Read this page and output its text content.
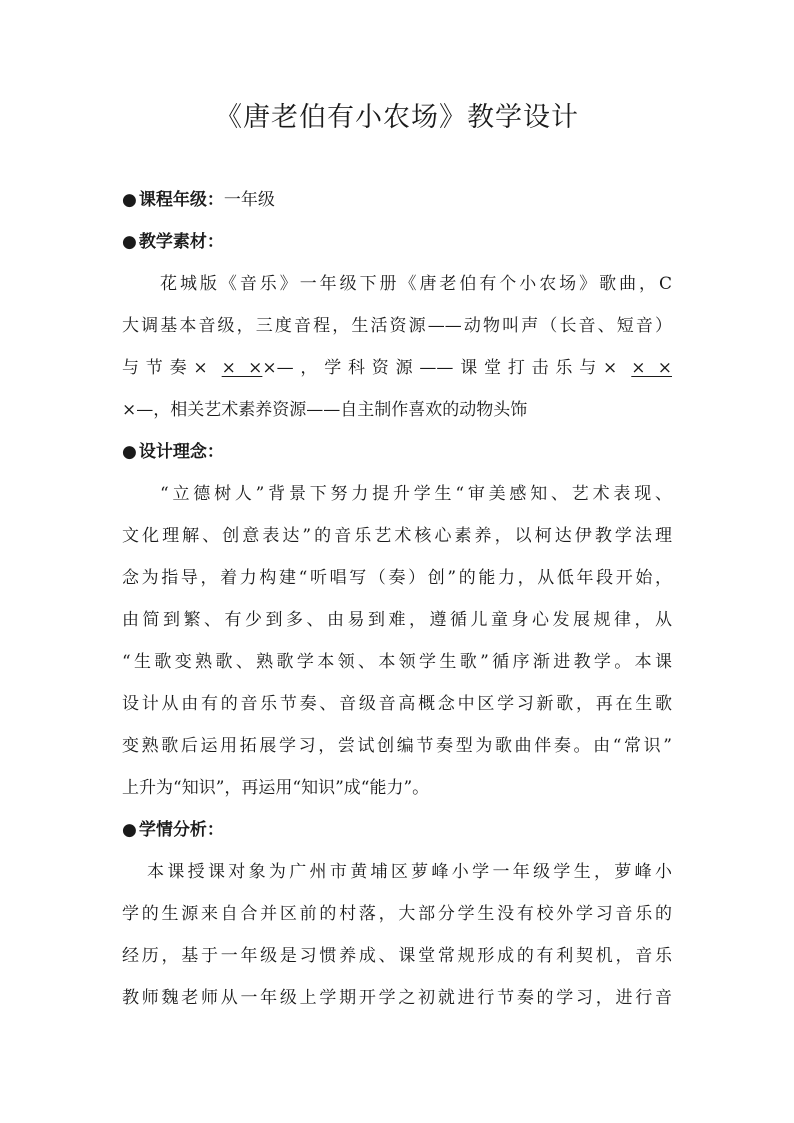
《唐老伯有小农场》教学设计
● 课程年级：一年级
● 教学素材：
花城版《音乐》一年级下册《唐老伯有个小农场》歌曲，C
大调基本音级，三度音程，生活资源——动物叫声（长音、短音）
与节奏× × ××—，学科资源——课堂打击乐与× × ×
×—，相关艺术素养资源——自主制作喜欢的动物头饰
● 设计理念：
“立德树人”背景下努力提升学生“审美感知、艺术表现、
文化理解、创意表达”的音乐艺术核心素养，以柯达伊教学法理
念为指导，着力构建“听唱写（奏）创”的能力，从低年段开始，
由简到繁、有少到多、由易到难，遵循儿童身心发展规律，从
“生歌变熟歌、熟歌学本领、本领学生歌”循序渐进教学。本课
设计从由有的音乐节奏、音级音高概念中区学习新歌，再在生歌
变熟歌后运用拓展学习，尝试创编节奏型为歌曲伴奏。由“常识”
上升为“知识”，再运用“知识”成“能力”。
● 学情分析：
本课授课对象为广州市黄埔区萝峰小学一年级学生，萝峰小
学的生源来自合并区前的村落，大部分学生没有校外学习音乐的
经历，基于一年级是习惯养成、课堂常规形成的有利契机，音乐
教师魏老师从一年级上学期开学之初就进行节奏的学习，进行音
